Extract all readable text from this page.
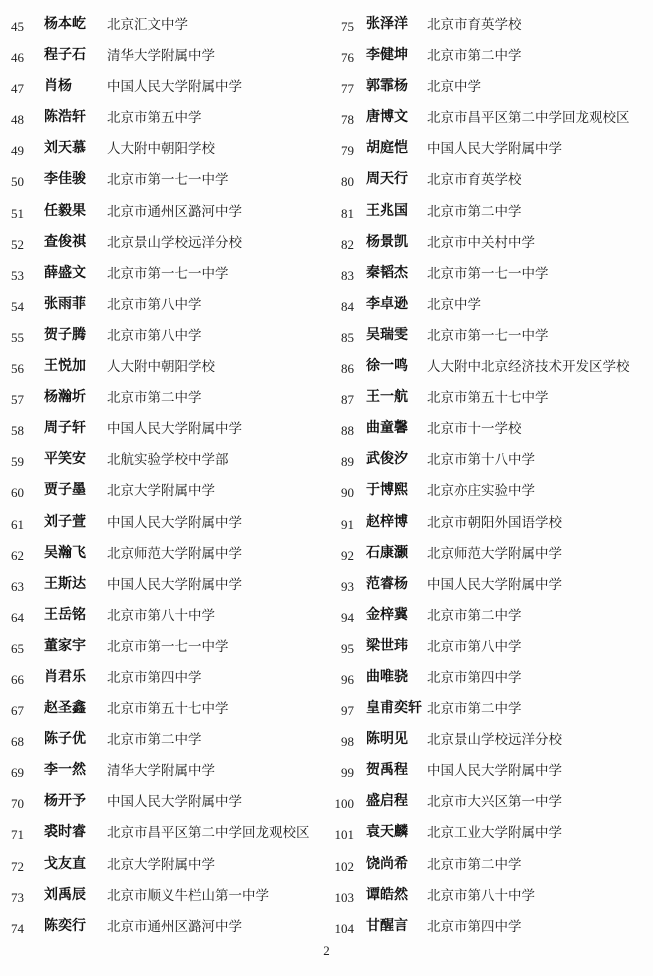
45	杨本屹 北京汇文中学
46	程子石 清华大学附属中学
47	肖杨	中国人民大学附属中学
48	陈浩轩 北京市第五中学
49	刘天慕 人大附中朝阳学校
50	李佳骏 北京市第一七一中学
51	任毅果 北京市通州区潞河中学
52	查俊祺 北京景山学校远洋分校
53	薛盛文 北京市第一七一中学
54	张雨菲 北京市第八中学
55	贺子腾 北京市第八中学
56	王悦加 人大附中朝阳学校
57	杨瀚圻 北京市第二中学
58	周子轩 中国人民大学附属中学
59	平笑安 北航实验学校中学部
60	贾子墨 北京大学附属中学
61	刘子萱 中国人民大学附属中学
62	吴瀚飞 北京师范大学附属中学
63	王斯达 中国人民大学附属中学
64	王岳铭 北京市第八十中学
65	董家宇 北京市第一七一中学
66	肖君乐 北京市第四中学
67	赵圣鑫 北京市第五十七中学
68	陈子优 北京市第二中学
69	李一然 清华大学附属中学
70	杨开予 中国人民大学附属中学
71	裘时睿 北京市昌平区第二中学回龙观校区
72	戈友直 北京大学附属中学
73	刘禹辰 北京市顺义牛栏山第一中学
74	陈奕行 北京市通州区潞河中学
75 张泽洋 北京市育英学校
76 李健坤 北京市第二中学
77 郭霏杨 北京中学
78 唐博文 北京市昌平区第二中学回龙观校区
79 胡庭恺 中国人民大学附属中学
80 周天行 北京市育英学校
81 王兆国 北京市第二中学
82 杨景凯 北京市中关村中学
83 秦韬杰 北京市第一七一中学
84 李卓逊 北京中学
85 吴瑞雯 北京市第一七一中学
86 徐一鸣 人大附中北京经济技术开发区学校
87 王一航 北京市第五十七中学
88 曲童馨 北京市十一学校
89 武俊汐 北京市第十八中学
90 于博熙 北京亦庄实验中学
91 赵梓博 北京市朝阳外国语学校
92 石康灏 北京师范大学附属中学
93 范睿杨 中国人民大学附属中学
94 金梓冀 北京市第二中学
95 梁世玮 北京市第八中学
96 曲唯骁 北京市第四中学
97 皇甫奕轩 北京市第二中学
98 陈明见 北京景山学校远洋分校
99 贺禹程 中国人民大学附属中学
100 盛启程 北京市大兴区第一中学
101 袁天麟 北京工业大学附属中学
102 饶尚希 北京市第二中学
103 谭皓然 北京市第八十中学
104 甘醒言 北京市第四中学
2
